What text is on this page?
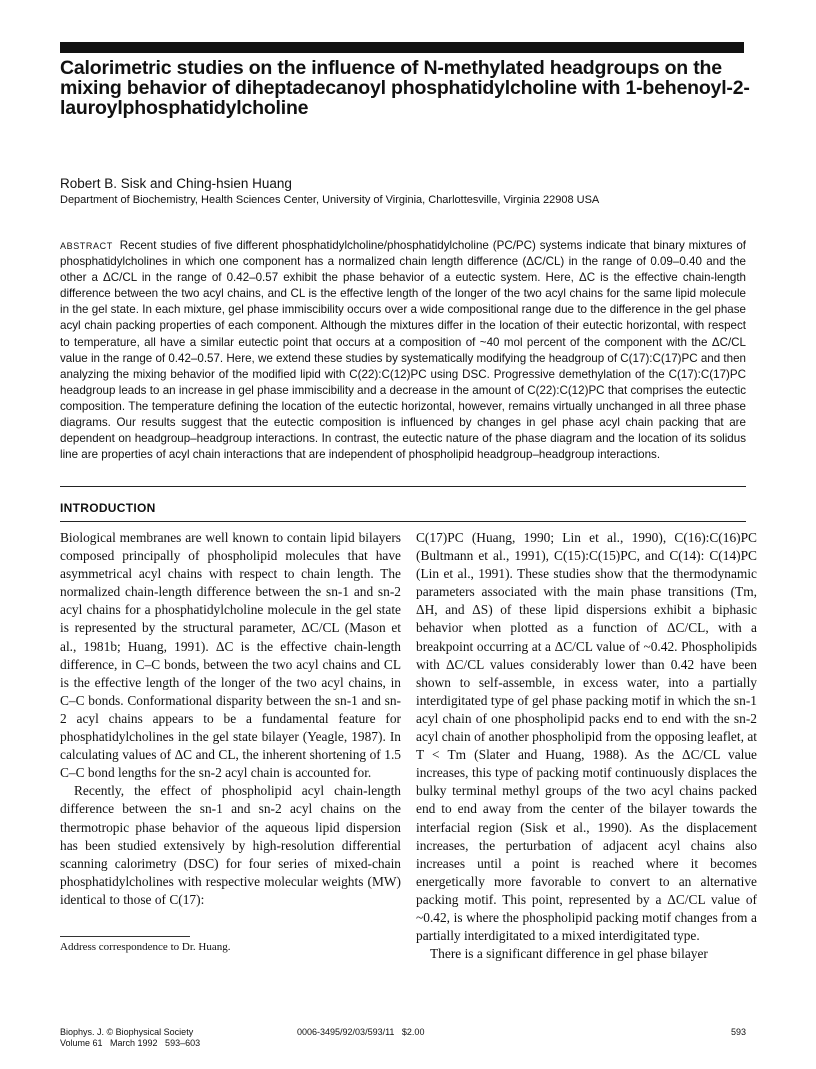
Calorimetric studies on the influence of N-methylated headgroups on the mixing behavior of diheptadecanoyl phosphatidylcholine with 1-behenoyl-2-lauroylphosphatidylcholine

Robert B. Sisk and Ching-hsien Huang

Department of Biochemistry, Health Sciences Center, University of Virginia, Charlottesville, Virginia 22908 USA

ABSTRACT Recent studies of five different phosphatidylcholine/phosphatidylcholine (PC/PC) systems indicate that binary mixtures of phosphatidylcholines in which one component has a normalized chain length difference (ΔC/CL) in the range of 0.09–0.40 and the other a ΔC/CL in the range of 0.42–0.57 exhibit the phase behavior of a eutectic system. Here, ΔC is the effective chain-length difference between the two acyl chains, and CL is the effective length of the longer of the two acyl chains for the same lipid molecule in the gel state. In each mixture, gel phase immiscibility occurs over a wide compositional range due to the difference in the gel phase acyl chain packing properties of each component. Although the mixtures differ in the location of their eutectic horizontal, with respect to temperature, all have a similar eutectic point that occurs at a composition of ~40 mol percent of the component with the ΔC/CL value in the range of 0.42–0.57. Here, we extend these studies by systematically modifying the headgroup of C(17):C(17)PC and then analyzing the mixing behavior of the modified lipid with C(22):C(12)PC using DSC. Progressive demethylation of the C(17):C(17)PC headgroup leads to an increase in gel phase immiscibility and a decrease in the amount of C(22):C(12)PC that comprises the eutectic composition. The temperature defining the location of the eutectic horizontal, however, remains virtually unchanged in all three phase diagrams. Our results suggest that the eutectic composition is influenced by changes in gel phase acyl chain packing that are dependent on headgroup–headgroup interactions. In contrast, the eutectic nature of the phase diagram and the location of its solidus line are properties of acyl chain interactions that are independent of phospholipid headgroup–headgroup interactions.

INTRODUCTION

Biological membranes are well known to contain lipid bilayers composed principally of phospholipid molecules that have asymmetrical acyl chains with respect to chain length. The normalized chain-length difference between the sn-1 and sn-2 acyl chains for a phosphatidylcholine molecule in the gel state is represented by the structural parameter, ΔC/CL (Mason et al., 1981b; Huang, 1991). ΔC is the effective chain-length difference, in C–C bonds, between the two acyl chains and CL is the effective length of the longer of the two acyl chains, in C–C bonds. Conformational disparity between the sn-1 and sn-2 acyl chains appears to be a fundamental feature for phosphatidylcholines in the gel state bilayer (Yeagle, 1987). In calculating values of ΔC and CL, the inherent shortening of 1.5 C–C bond lengths for the sn-2 acyl chain is accounted for.

Recently, the effect of phospholipid acyl chain-length difference between the sn-1 and sn-2 acyl chains on the thermotropic phase behavior of the aqueous lipid dispersion has been studied extensively by high-resolution differential scanning calorimetry (DSC) for four series of mixed-chain phosphatidylcholines with respective molecular weights (MW) identical to those of C(17):

C(17)PC (Huang, 1990; Lin et al., 1990), C(16):C(16)PC (Bultmann et al., 1991), C(15):C(15)PC, and C(14): C(14)PC (Lin et al., 1991). These studies show that the thermodynamic parameters associated with the main phase transitions (Tm, ΔH, and ΔS) of these lipid dispersions exhibit a biphasic behavior when plotted as a function of ΔC/CL, with a breakpoint occurring at a ΔC/CL value of ~0.42. Phospholipids with ΔC/CL values considerably lower than 0.42 have been shown to self-assemble, in excess water, into a partially interdigitated type of gel phase packing motif in which the sn-1 acyl chain of one phospholipid packs end to end with the sn-2 acyl chain of another phospholipid from the opposing leaflet, at T < Tm (Slater and Huang, 1988). As the ΔC/CL value increases, this type of packing motif continuously displaces the bulky terminal methyl groups of the two acyl chains packed end to end away from the center of the bilayer towards the interfacial region (Sisk et al., 1990). As the displacement increases, the perturbation of adjacent acyl chains also increases until a point is reached where it becomes energetically more favorable to convert to an alternative packing motif. This point, represented by a ΔC/CL value of ~0.42, is where the phospholipid packing motif changes from a partially interdigitated to a mixed interdigitated type.

There is a significant difference in gel phase bilayer

Address correspondence to Dr. Huang.

Biophys. J. © Biophysical Society
Volume 61   March 1992   593–603
0006-3495/92/03/593/11   $2.00	593
